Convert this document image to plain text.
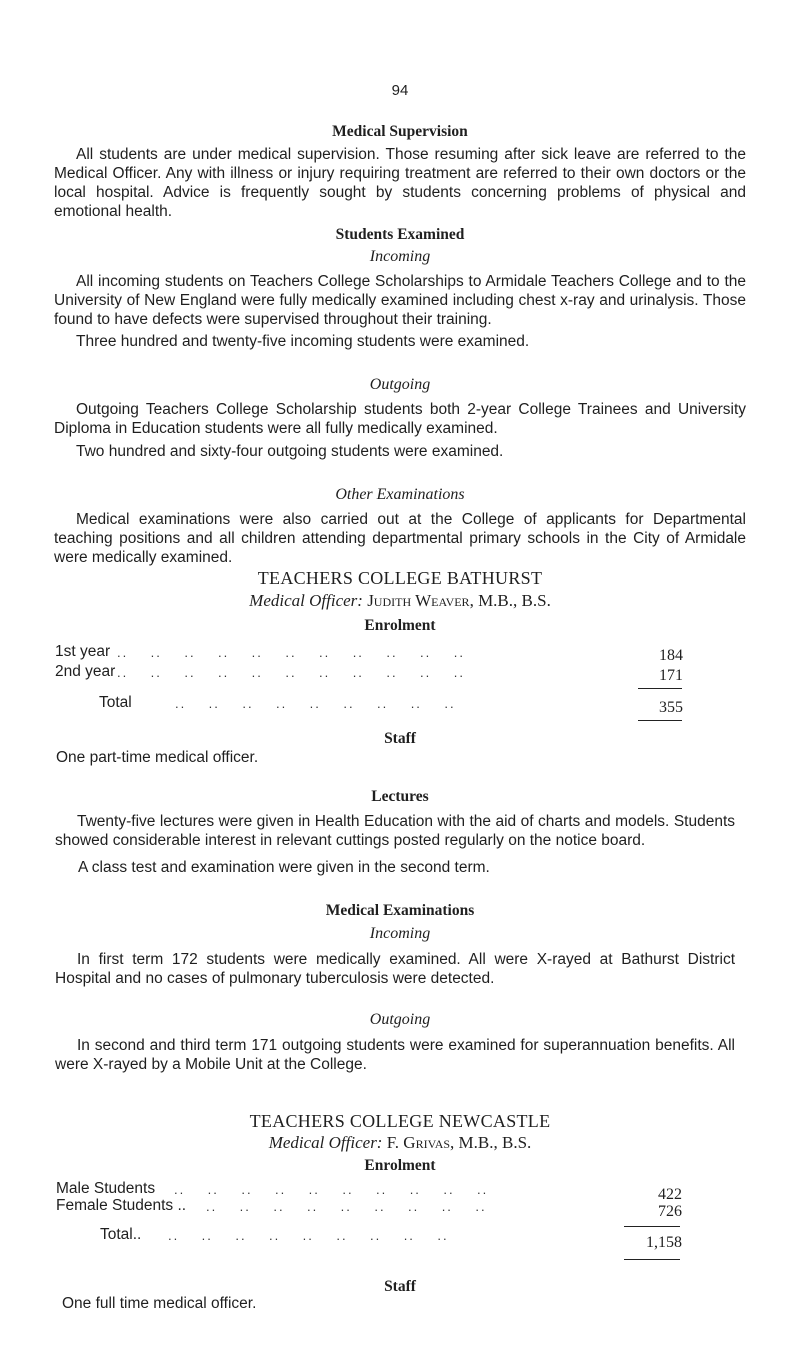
94
Medical Supervision

All students are under medical supervision. Those resuming after sick leave are referred to the Medical Officer. Any with illness or injury requiring treatment are referred to their own doctors or the local hospital. Advice is frequently sought by students concerning problems of physical and emotional health.

Students Examined
Incoming

All incoming students on Teachers College Scholarships to Armidale Teachers College and to the University of New England were fully medically examined including chest x-ray and urinalysis. Those found to have defects were supervised throughout their training.

Three hundred and twenty-five incoming students were examined.

Outgoing

Outgoing Teachers College Scholarship students both 2-year College Trainees and University Diploma in Education students were all fully medically examined.

Two hundred and sixty-four outgoing students were examined.

Other Examinations

Medical examinations were also carried out at the College of applicants for Departmental teaching positions and all children attending departmental primary schools in the City of Armidale were medically examined.

TEACHERS COLLEGE BATHURST
Medical Officer: Judith Weaver, M.B., B.S.
Enrolment
1st year ..    ..    ..    ..    ..    ..    ..    ..    ..    ..    ..	184
2nd year ..    ..    ..    ..    ..    ..    ..    ..    ..    ..    ..	171
Total	..    ..    ..    ..    ..    ..    ..    ..    ..	355
Staff
One part-time medical officer.
Lectures

Twenty-five lectures were given in Health Education with the aid of charts and models. Students showed considerable interest in relevant cuttings posted regularly on the notice board.

A class test and examination were given in the second term.

Medical Examinations
Incoming

In first term 172 students were medically examined. All were X-rayed at Bathurst District Hospital and no cases of pulmonary tuberculosis were detected.

Outgoing

In second and third term 171 outgoing students were examined for superannuation benefits. All were X-rayed by a Mobile Unit at the College.

TEACHERS COLLEGE NEWCASTLE
Medical Officer: F. Grivas, M.B., B.S.
Enrolment
Male Students ..    ..    ..    ..    ..    ..    ..    ..    ..    ..	422
Female Students .. ..    ..    ..    ..    ..    ..    ..    ..    ..	726
Total.. ..    ..    ..    ..    ..    ..    ..    ..    ..	1,158
Staff
One full time medical officer.
